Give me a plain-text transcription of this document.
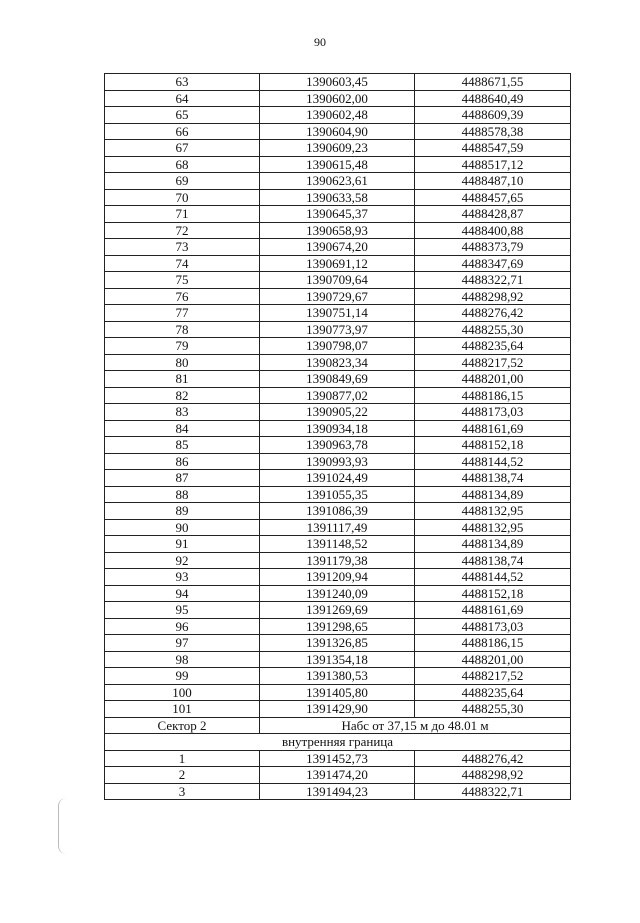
90
63	1390603,45	4488671,55
64	1390602,00	4488640,49
65	1390602,48	4488609,39
66	1390604,90	4488578,38
67	1390609,23	4488547,59
68	1390615,48	4488517,12
69	1390623,61	4488487,10
70	1390633,58	4488457,65
71	1390645,37	4488428,87
72	1390658,93	4488400,88
73	1390674,20	4488373,79
74	1390691,12	4488347,69
75	1390709,64	4488322,71
76	1390729,67	4488298,92
77	1390751,14	4488276,42
78	1390773,97	4488255,30
79	1390798,07	4488235,64
80	1390823,34	4488217,52
81	1390849,69	4488201,00
82	1390877,02	4488186,15
83	1390905,22	4488173,03
84	1390934,18	4488161,69
85	1390963,78	4488152,18
86	1390993,93	4488144,52
87	1391024,49	4488138,74
88	1391055,35	4488134,89
89	1391086,39	4488132,95
90	1391117,49	4488132,95
91	1391148,52	4488134,89
92	1391179,38	4488138,74
93	1391209,94	4488144,52
94	1391240,09	4488152,18
95	1391269,69	4488161,69
96	1391298,65	4488173,03
97	1391326,85	4488186,15
98	1391354,18	4488201,00
99	1391380,53	4488217,52
100	1391405,80	4488235,64
101	1391429,90	4488255,30
Сектор 2	Набс от 37,15 м до 48.01 м	
внутренняя граница		
1	1391452,73	4488276,42
2	1391474,20	4488298,92
3	1391494,23	4488322,71
